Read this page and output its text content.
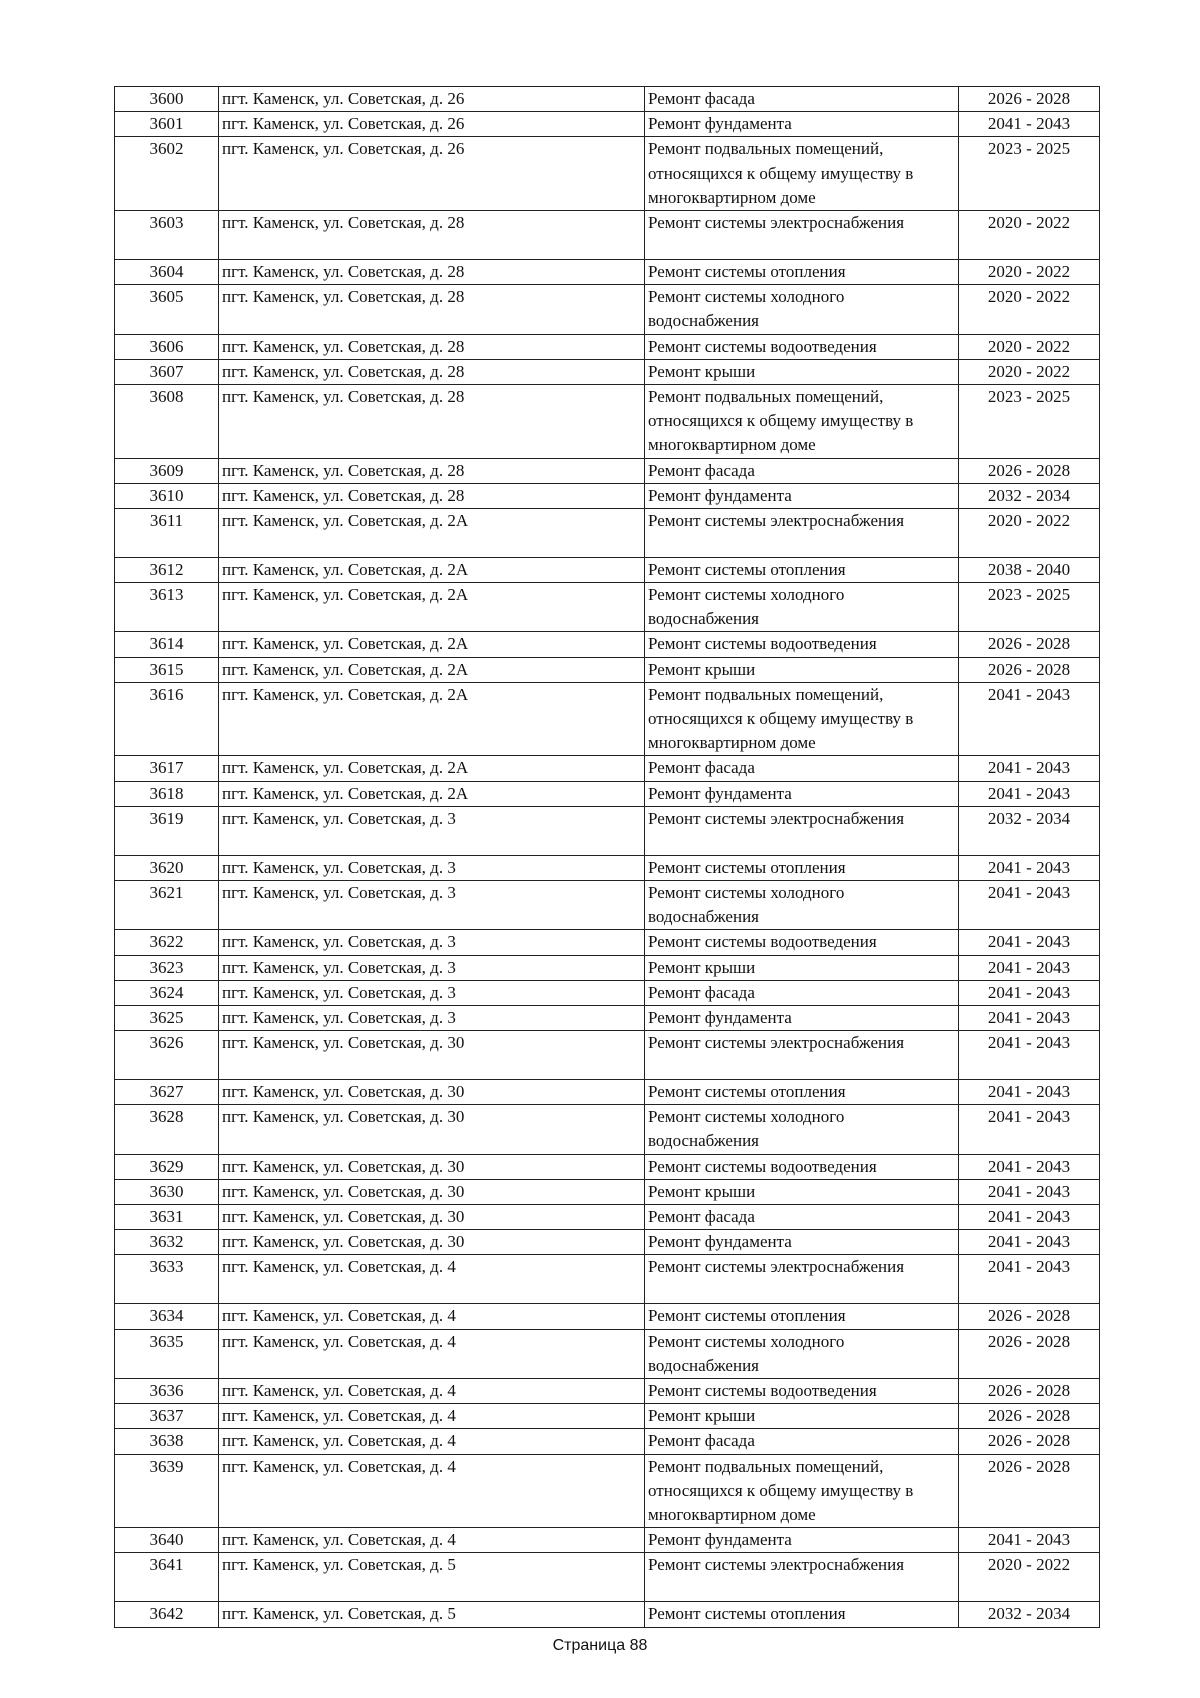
3600	пгт. Каменск, ул. Советская, д. 26	Ремонт фасада	2026 - 2028
3601	пгт. Каменск, ул. Советская, д. 26	Ремонт фундамента	2041 - 2043
3602	пгт. Каменск, ул. Советская, д. 26	Ремонт подвальных помещений, относящихся к общему имуществу в многоквартирном доме	2023 - 2025
3603	пгт. Каменск, ул. Советская, д. 28	Ремонт системы электроснабжения	2020 - 2022
3604	пгт. Каменск, ул. Советская, д. 28	Ремонт системы отопления	2020 - 2022
3605	пгт. Каменск, ул. Советская, д. 28	Ремонт системы холодного водоснабжения	2020 - 2022
3606	пгт. Каменск, ул. Советская, д. 28	Ремонт системы водоотведения	2020 - 2022
3607	пгт. Каменск, ул. Советская, д. 28	Ремонт крыши	2020 - 2022
3608	пгт. Каменск, ул. Советская, д. 28	Ремонт подвальных помещений, относящихся к общему имуществу в многоквартирном доме	2023 - 2025
3609	пгт. Каменск, ул. Советская, д. 28	Ремонт фасада	2026 - 2028
3610	пгт. Каменск, ул. Советская, д. 28	Ремонт фундамента	2032 - 2034
3611	пгт. Каменск, ул. Советская, д. 2А	Ремонт системы электроснабжения	2020 - 2022
3612	пгт. Каменск, ул. Советская, д. 2А	Ремонт системы отопления	2038 - 2040
3613	пгт. Каменск, ул. Советская, д. 2А	Ремонт системы холодного водоснабжения	2023 - 2025
3614	пгт. Каменск, ул. Советская, д. 2А	Ремонт системы водоотведения	2026 - 2028
3615	пгт. Каменск, ул. Советская, д. 2А	Ремонт крыши	2026 - 2028
3616	пгт. Каменск, ул. Советская, д. 2А	Ремонт подвальных помещений, относящихся к общему имуществу в многоквартирном доме	2041 - 2043
3617	пгт. Каменск, ул. Советская, д. 2А	Ремонт фасада	2041 - 2043
3618	пгт. Каменск, ул. Советская, д. 2А	Ремонт фундамента	2041 - 2043
3619	пгт. Каменск, ул. Советская, д. 3	Ремонт системы электроснабжения	2032 - 2034
3620	пгт. Каменск, ул. Советская, д. 3	Ремонт системы отопления	2041 - 2043
3621	пгт. Каменск, ул. Советская, д. 3	Ремонт системы холодного водоснабжения	2041 - 2043
3622	пгт. Каменск, ул. Советская, д. 3	Ремонт системы водоотведения	2041 - 2043
3623	пгт. Каменск, ул. Советская, д. 3	Ремонт крыши	2041 - 2043
3624	пгт. Каменск, ул. Советская, д. 3	Ремонт фасада	2041 - 2043
3625	пгт. Каменск, ул. Советская, д. 3	Ремонт фундамента	2041 - 2043
3626	пгт. Каменск, ул. Советская, д. 30	Ремонт системы электроснабжения	2041 - 2043
3627	пгт. Каменск, ул. Советская, д. 30	Ремонт системы отопления	2041 - 2043
3628	пгт. Каменск, ул. Советская, д. 30	Ремонт системы холодного водоснабжения	2041 - 2043
3629	пгт. Каменск, ул. Советская, д. 30	Ремонт системы водоотведения	2041 - 2043
3630	пгт. Каменск, ул. Советская, д. 30	Ремонт крыши	2041 - 2043
3631	пгт. Каменск, ул. Советская, д. 30	Ремонт фасада	2041 - 2043
3632	пгт. Каменск, ул. Советская, д. 30	Ремонт фундамента	2041 - 2043
3633	пгт. Каменск, ул. Советская, д. 4	Ремонт системы электроснабжения	2041 - 2043
3634	пгт. Каменск, ул. Советская, д. 4	Ремонт системы отопления	2026 - 2028
3635	пгт. Каменск, ул. Советская, д. 4	Ремонт системы холодного водоснабжения	2026 - 2028
3636	пгт. Каменск, ул. Советская, д. 4	Ремонт системы водоотведения	2026 - 2028
3637	пгт. Каменск, ул. Советская, д. 4	Ремонт крыши	2026 - 2028
3638	пгт. Каменск, ул. Советская, д. 4	Ремонт фасада	2026 - 2028
3639	пгт. Каменск, ул. Советская, д. 4	Ремонт подвальных помещений, относящихся к общему имуществу в многоквартирном доме	2026 - 2028
3640	пгт. Каменск, ул. Советская, д. 4	Ремонт фундамента	2041 - 2043
3641	пгт. Каменск, ул. Советская, д. 5	Ремонт системы электроснабжения	2020 - 2022
3642	пгт. Каменск, ул. Советская, д. 5	Ремонт системы отопления	2032 - 2034
Страница 88
